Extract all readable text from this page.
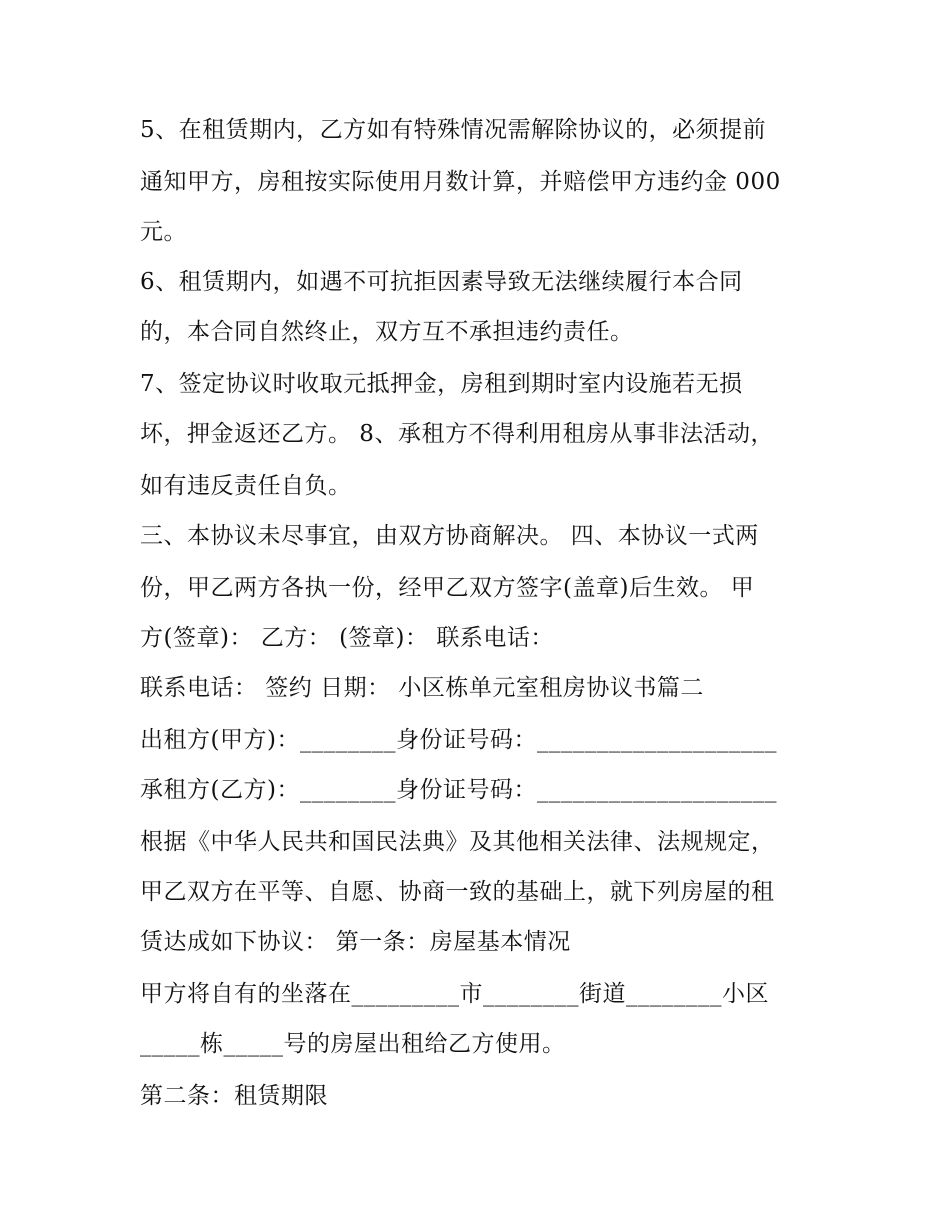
5、在租赁期内，乙方如有特殊情况需解除协议的，必须提前
通知甲方，房租按实际使用月数计算，并赔偿甲方违约金 000
元。
6、租赁期内，如遇不可抗拒因素导致无法继续履行本合同
的，本合同自然终止，双方互不承担违约责任。
7、签定协议时收取元抵押金，房租到期时室内设施若无损
坏，押金返还乙方。 8、承租方不得利用租房从事非法活动，
如有违反责任自负。
三、本协议未尽事宜，由双方协商解决。 四、本协议一式两
份，甲乙两方各执一份，经甲乙双方签字(盖章)后生效。 甲
方(签章)： 乙方： (签章)： 联系电话：
联系电话： 签约 日期： 小区栋单元室租房协议书篇二
出租方(甲方)：________身份证号码：____________________
承租方(乙方)：________身份证号码：____________________
根据《中华人民共和国民法典》及其他相关法律、法规规定，
甲乙双方在平等、自愿、协商一致的基础上，就下列房屋的租
赁达成如下协议： 第一条：房屋基本情况
甲方将自有的坐落在_________市________街道________小区
_____栋_____号的房屋出租给乙方使用。
第二条：租赁期限
